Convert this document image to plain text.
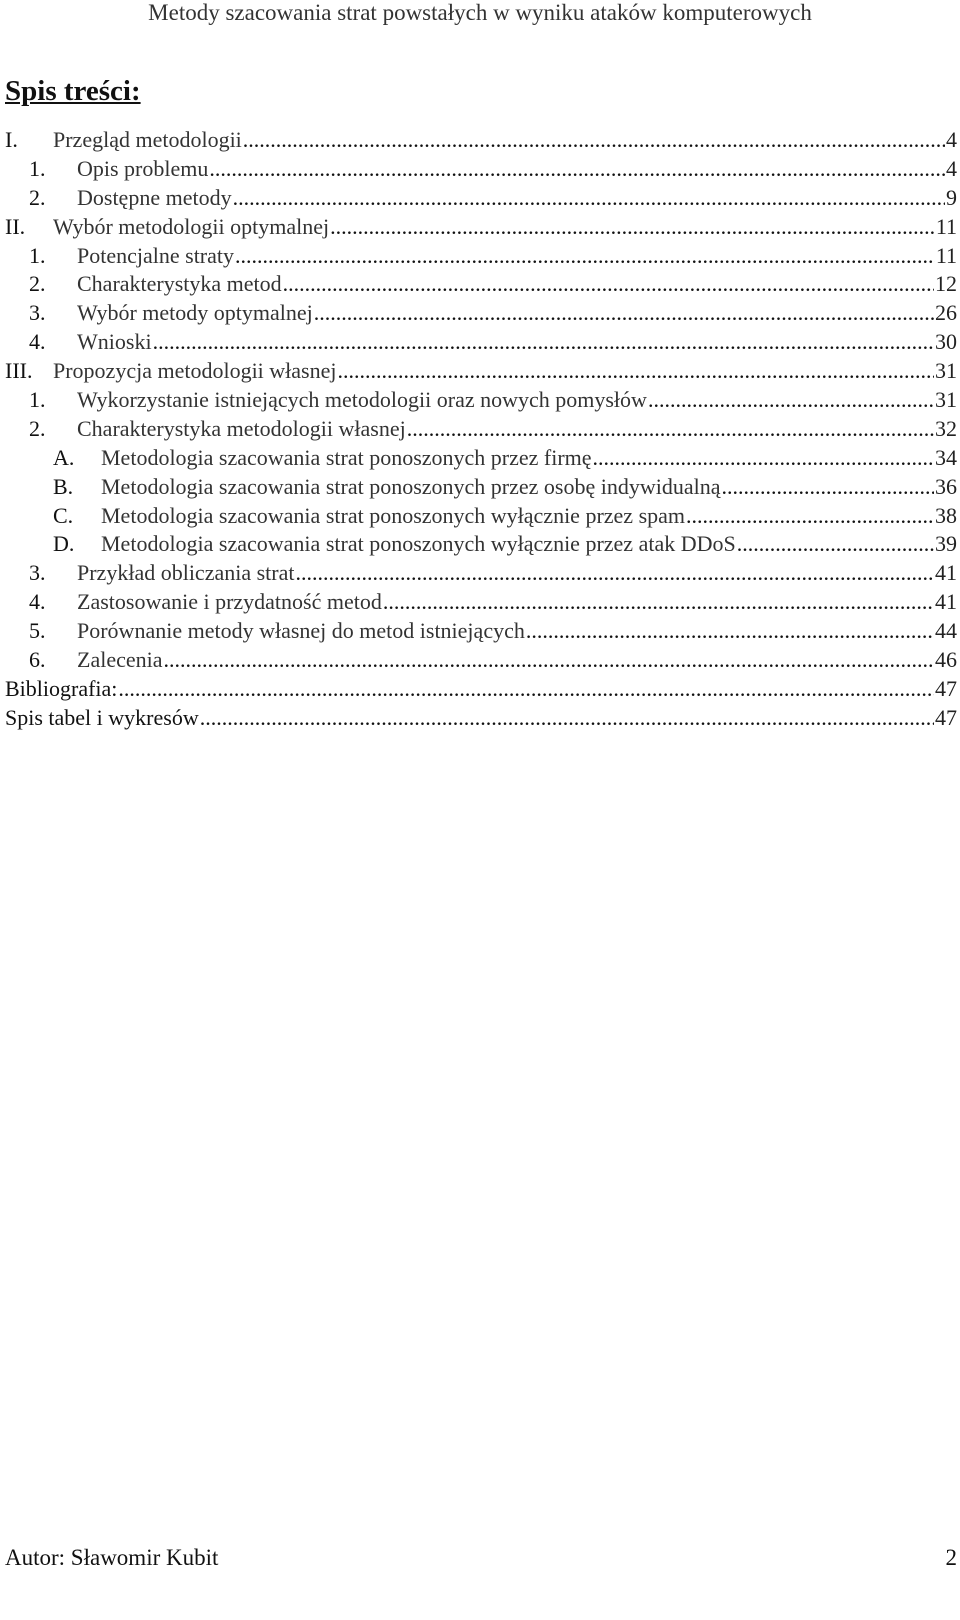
Metody szacowania strat powstałych w wyniku ataków komputerowych
Spis treści:
I.	Przegląd metodologii .....	4
1.	Opis problemu .....	4
2.	Dostępne metody .....	9
II.	Wybór metodologii optymalnej .....	11
1.	Potencjalne straty .....	11
2.	Charakterystyka metod .....	12
3.	Wybór metody optymalnej .....	26
4.	Wnioski .....	30
III. Propozycja metodologii własnej .....	31
1.	Wykorzystanie istniejących metodologii oraz nowych pomysłów .....	31
2.	Charakterystyka metodologii własnej .....	32
A.	Metodologia szacowania strat ponoszonych przez firmę .....	34
B.	Metodologia szacowania strat ponoszonych przez osobę indywidualną .....	36
C.	Metodologia szacowania strat ponoszonych wyłącznie przez spam .....	38
D.	Metodologia szacowania strat ponoszonych wyłącznie przez atak DDoS .....	39
3.	Przykład obliczania strat .....	41
4.	Zastosowanie i przydatność metod .....	41
5.	Porównanie metody własnej do metod istniejących .....	44
6.	Zalecenia .....	46
Bibliografia: .....	47
Spis tabel i wykresów .....	47
Autor: Sławomir Kubit	2
